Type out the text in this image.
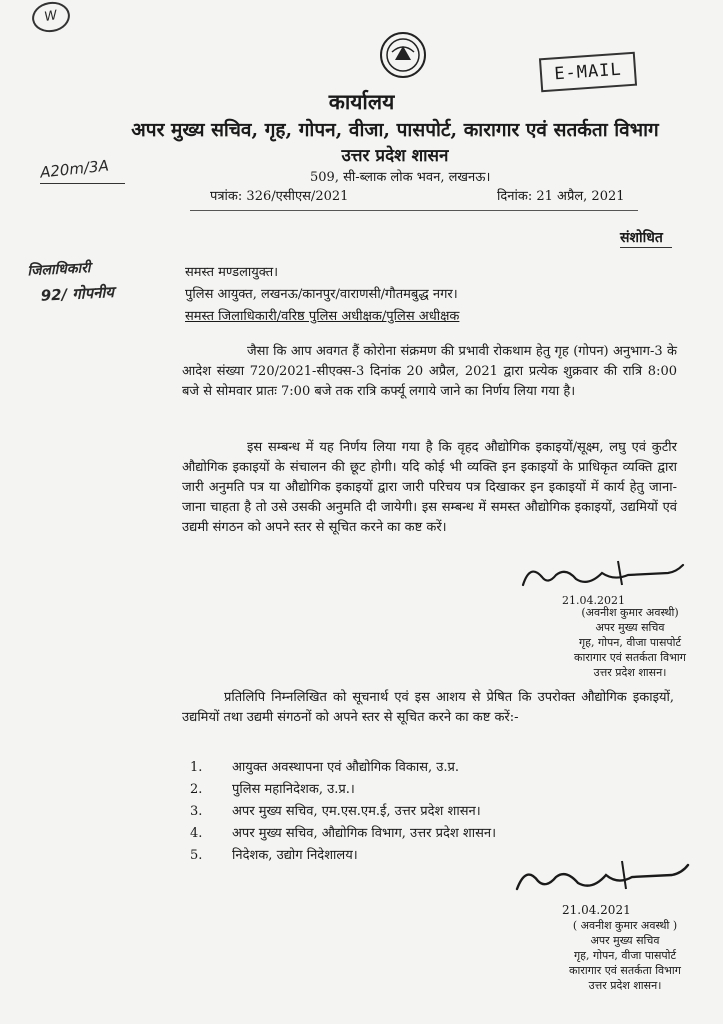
W
E-MAIL
कार्यालय
अपर मुख्य सचिव, गृह, गोपन, वीजा, पासपोर्ट, कारागार एवं सतर्कता विभाग
उत्तर प्रदेश शासन
A20m/3A	509, सी-ब्लाक लोक भवन, लखनऊ।
पत्रांक: 326/एसीएस/2021	दिनांक: 21 अप्रैल, 2021
संशोधित
जिलाधिकारी
92/ गोपनीय
समस्त मण्डलायुक्त।
पुलिस आयुक्त, लखनऊ/कानपुर/वाराणसी/गौतमबुद्ध नगर।
समस्त जिलाधिकारी/वरिष्ठ पुलिस अधीक्षक/पुलिस अधीक्षक
जैसा कि आप अवगत हैं कोरोना संक्रमण की प्रभावी रोकथाम हेतु गृह (गोपन) अनुभाग-3 के आदेश संख्या 720/2021-सीएक्स-3 दिनांक 20 अप्रैल, 2021 द्वारा प्रत्येक शुक्रवार की रात्रि 8:00 बजे से सोमवार प्रातः 7:00 बजे तक रात्रि कर्फ्यू लगाये जाने का निर्णय लिया गया है।
इस सम्बन्ध में यह निर्णय लिया गया है कि वृहद औद्योगिक इकाइयों/सूक्ष्म, लघु एवं कुटीर औद्योगिक इकाइयों के संचालन की छूट होगी। यदि कोई भी व्यक्ति इन इकाइयों के प्राधिकृत व्यक्ति द्वारा जारी अनुमति पत्र या औद्योगिक इकाइयों द्वारा जारी परिचय पत्र दिखाकर इन इकाइयों में कार्य हेतु जाना-जाना चाहता है तो उसे उसकी अनुमति दी जायेगी। इस सम्बन्ध में समस्त औद्योगिक इकाइयों, उद्यमियों एवं उद्यमी संगठन को अपने स्तर से सूचित करने का कष्ट करें।
21.04.2021
(अवनीश कुमार अवस्थी)
अपर मुख्य सचिव
गृह, गोपन, वीजा पासपोर्ट
कारागार एवं सतर्कता विभाग
उत्तर प्रदेश शासन।
प्रतिलिपि निम्नलिखित को सूचनार्थ एवं इस आशय से प्रेषित कि उपरोक्त औद्योगिक इकाइयों, उद्यमियों तथा उद्यमी संगठनों को अपने स्तर से सूचित करने का कष्ट करें:-
1. आयुक्त अवस्थापना एवं औद्योगिक विकास, उ.प्र.
2. पुलिस महानिदेशक, उ.प्र.।
3. अपर मुख्य सचिव, एम.एस.एम.ई, उत्तर प्रदेश शासन।
4. अपर मुख्य सचिव, औद्योगिक विभाग, उत्तर प्रदेश शासन।
5. निदेशक, उद्योग निदेशालय।
21.04.2021
( अवनीश कुमार अवस्थी )
अपर मुख्य सचिव
गृह, गोपन, वीजा पासपोर्ट
कारागार एवं सतर्कता विभाग
उत्तर प्रदेश शासन।
